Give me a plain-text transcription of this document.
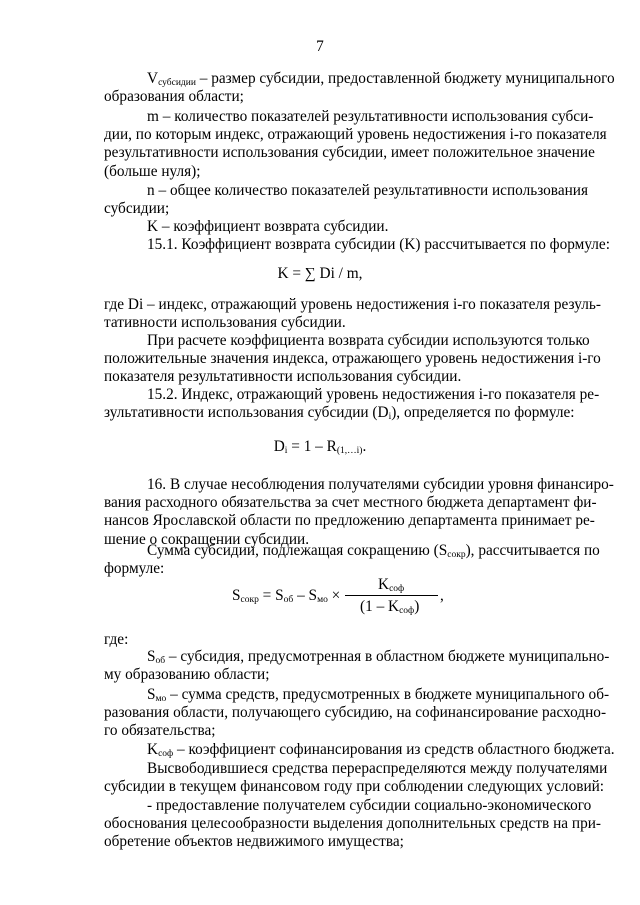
7
$V_{субсидии}$ – размер субсидии, предоставленной бюджету муниципального
образования области;
m – количество показателей результативности использования субси-
дии, по которым индекс, отражающий уровень недостижения i-го показателя
результативности использования субсидии, имеет положительное значение
(больше нуля);
n – общее количество показателей результативности использования
субсидии;
K – коэффициент возврата субсидии.
15.1. Коэффициент возврата субсидии (K) рассчитывается по формуле:
K = ∑ Di / m,
где Di – индекс, отражающий уровень недостижения i-го показателя резуль-
тативности использования субсидии.
При расчете коэффициента возврата субсидии используются только
положительные значения индекса, отражающего уровень недостижения i-го
показателя результативности использования субсидии.
15.2. Индекс, отражающий уровень недостижения i-го показателя ре-
зультативности использования субсидии $(D_i)$, определяется по формуле:
$D_i = 1 - R_{(1,\dots i)}$.
16. В случае несоблюдения получателями субсидии уровня финансиро-
вания расходного обязательства за счет местного бюджета департамент фи-
нансов Ярославской области по предложению департамента принимает ре-
шение о сокращении субсидии.
Сумма субсидии, подлежащая сокращению $(S_{сокр})$, рассчитывается по
формуле:
$S_{сокр} = S_{об} - S_{мо}$ ×
$K_{соф}$
$(1 - K_{соф})$
,
где:
$S_{об}$ – субсидия, предусмотренная в областном бюджете муниципально-
му образованию области;
$S_{мо}$ – сумма средств, предусмотренных в бюджете муниципального об-
разования области, получающего субсидию, на софинансирование расходно-
го обязательства;
$K_{соф}$ – коэффициент софинансирования из средств областного бюджета.
Высвободившиеся средства перераспределяются между получателями
субсидии в текущем финансовом году при соблюдении следующих условий:
- предоставление получателем субсидии социально-экономического
обоснования целесообразности выделения дополнительных средств на при-
обретение объектов недвижимого имущества;
